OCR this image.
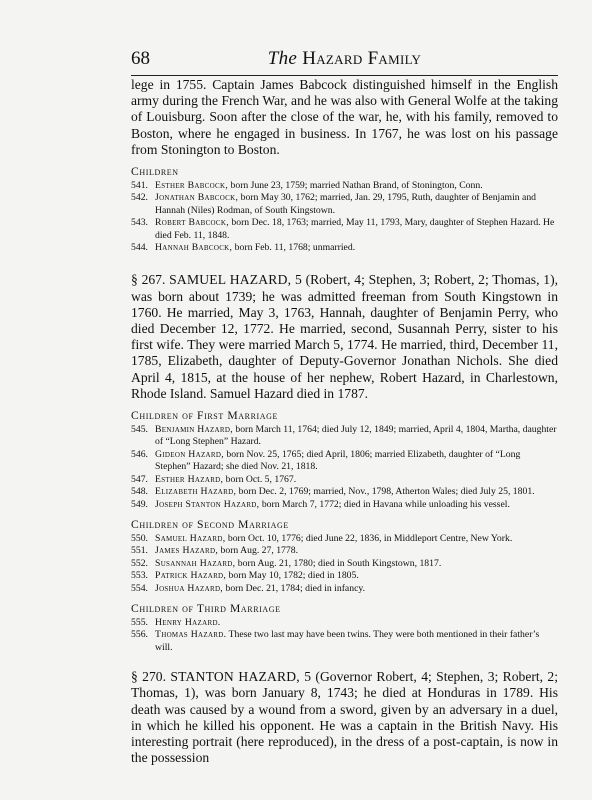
68	The Hazard Family

lege in 1755. Captain James Babcock distinguished himself in the English army during the French War, and he was also with General Wolfe at the taking of Louisburg. Soon after the close of the war, he, with his family, removed to Boston, where he engaged in business. In 1767, he was lost on his passage from Stonington to Boston.

Children
541. Esther Babcock, born June 23, 1759; married Nathan Brand, of Stonington, Conn.
542. Jonathan Babcock, born May 30, 1762; married, Jan. 29, 1795, Ruth, daughter of Benjamin and Hannah (Niles) Rodman, of South Kingstown.
543. Robert Babcock, born Dec. 18, 1763; married, May 11, 1793, Mary, daughter of Stephen Hazard. He died Feb. 11, 1848.
544. Hannah Babcock, born Feb. 11, 1768; unmarried.

§ 267. SAMUEL HAZARD, 5 (Robert, 4; Stephen, 3; Robert, 2; Thomas, 1), was born about 1739; he was admitted freeman from South Kingstown in 1760. He married, May 3, 1763, Hannah, daughter of Benjamin Perry, who died December 12, 1772. He married, second, Susannah Perry, sister to his first wife. They were married March 5, 1774. He married, third, December 11, 1785, Elizabeth, daughter of Deputy-Governor Jonathan Nichols. She died April 4, 1815, at the house of her nephew, Robert Hazard, in Charlestown, Rhode Island. Samuel Hazard died in 1787.

Children of First Marriage
545. Benjamin Hazard, born March 11, 1764; died July 12, 1849; married, April 4, 1804, Martha, daughter of “Long Stephen” Hazard.
546. Gideon Hazard, born Nov. 25, 1765; died April, 1806; married Elizabeth, daughter of “Long Stephen” Hazard; she died Nov. 21, 1818.
547. Esther Hazard, born Oct. 5, 1767.
548. Elizabeth Hazard, born Dec. 2, 1769; married, Nov., 1798, Atherton Wales; died July 25, 1801.
549. Joseph Stanton Hazard, born March 7, 1772; died in Havana while unloading his vessel.
Children of Second Marriage
550. Samuel Hazard, born Oct. 10, 1776; died June 22, 1836, in Middleport Centre, New York.
551. James Hazard, born Aug. 27, 1778.
552. Susannah Hazard, born Aug. 21, 1780; died in South Kingstown, 1817.
553. Patrick Hazard, born May 10, 1782; died in 1805.
554. Joshua Hazard, born Dec. 21, 1784; died in infancy.
Children of Third Marriage
555. Henry Hazard.
556. Thomas Hazard. These two last may have been twins. They were both mentioned in their father’s will.

§ 270. STANTON HAZARD, 5 (Governor Robert, 4; Stephen, 3; Robert, 2; Thomas, 1), was born January 8, 1743; he died at Honduras in 1789. His death was caused by a wound from a sword, given by an adversary in a duel, in which he killed his opponent. He was a captain in the British Navy. His interesting portrait (here reproduced), in the dress of a post-captain, is now in the possession
